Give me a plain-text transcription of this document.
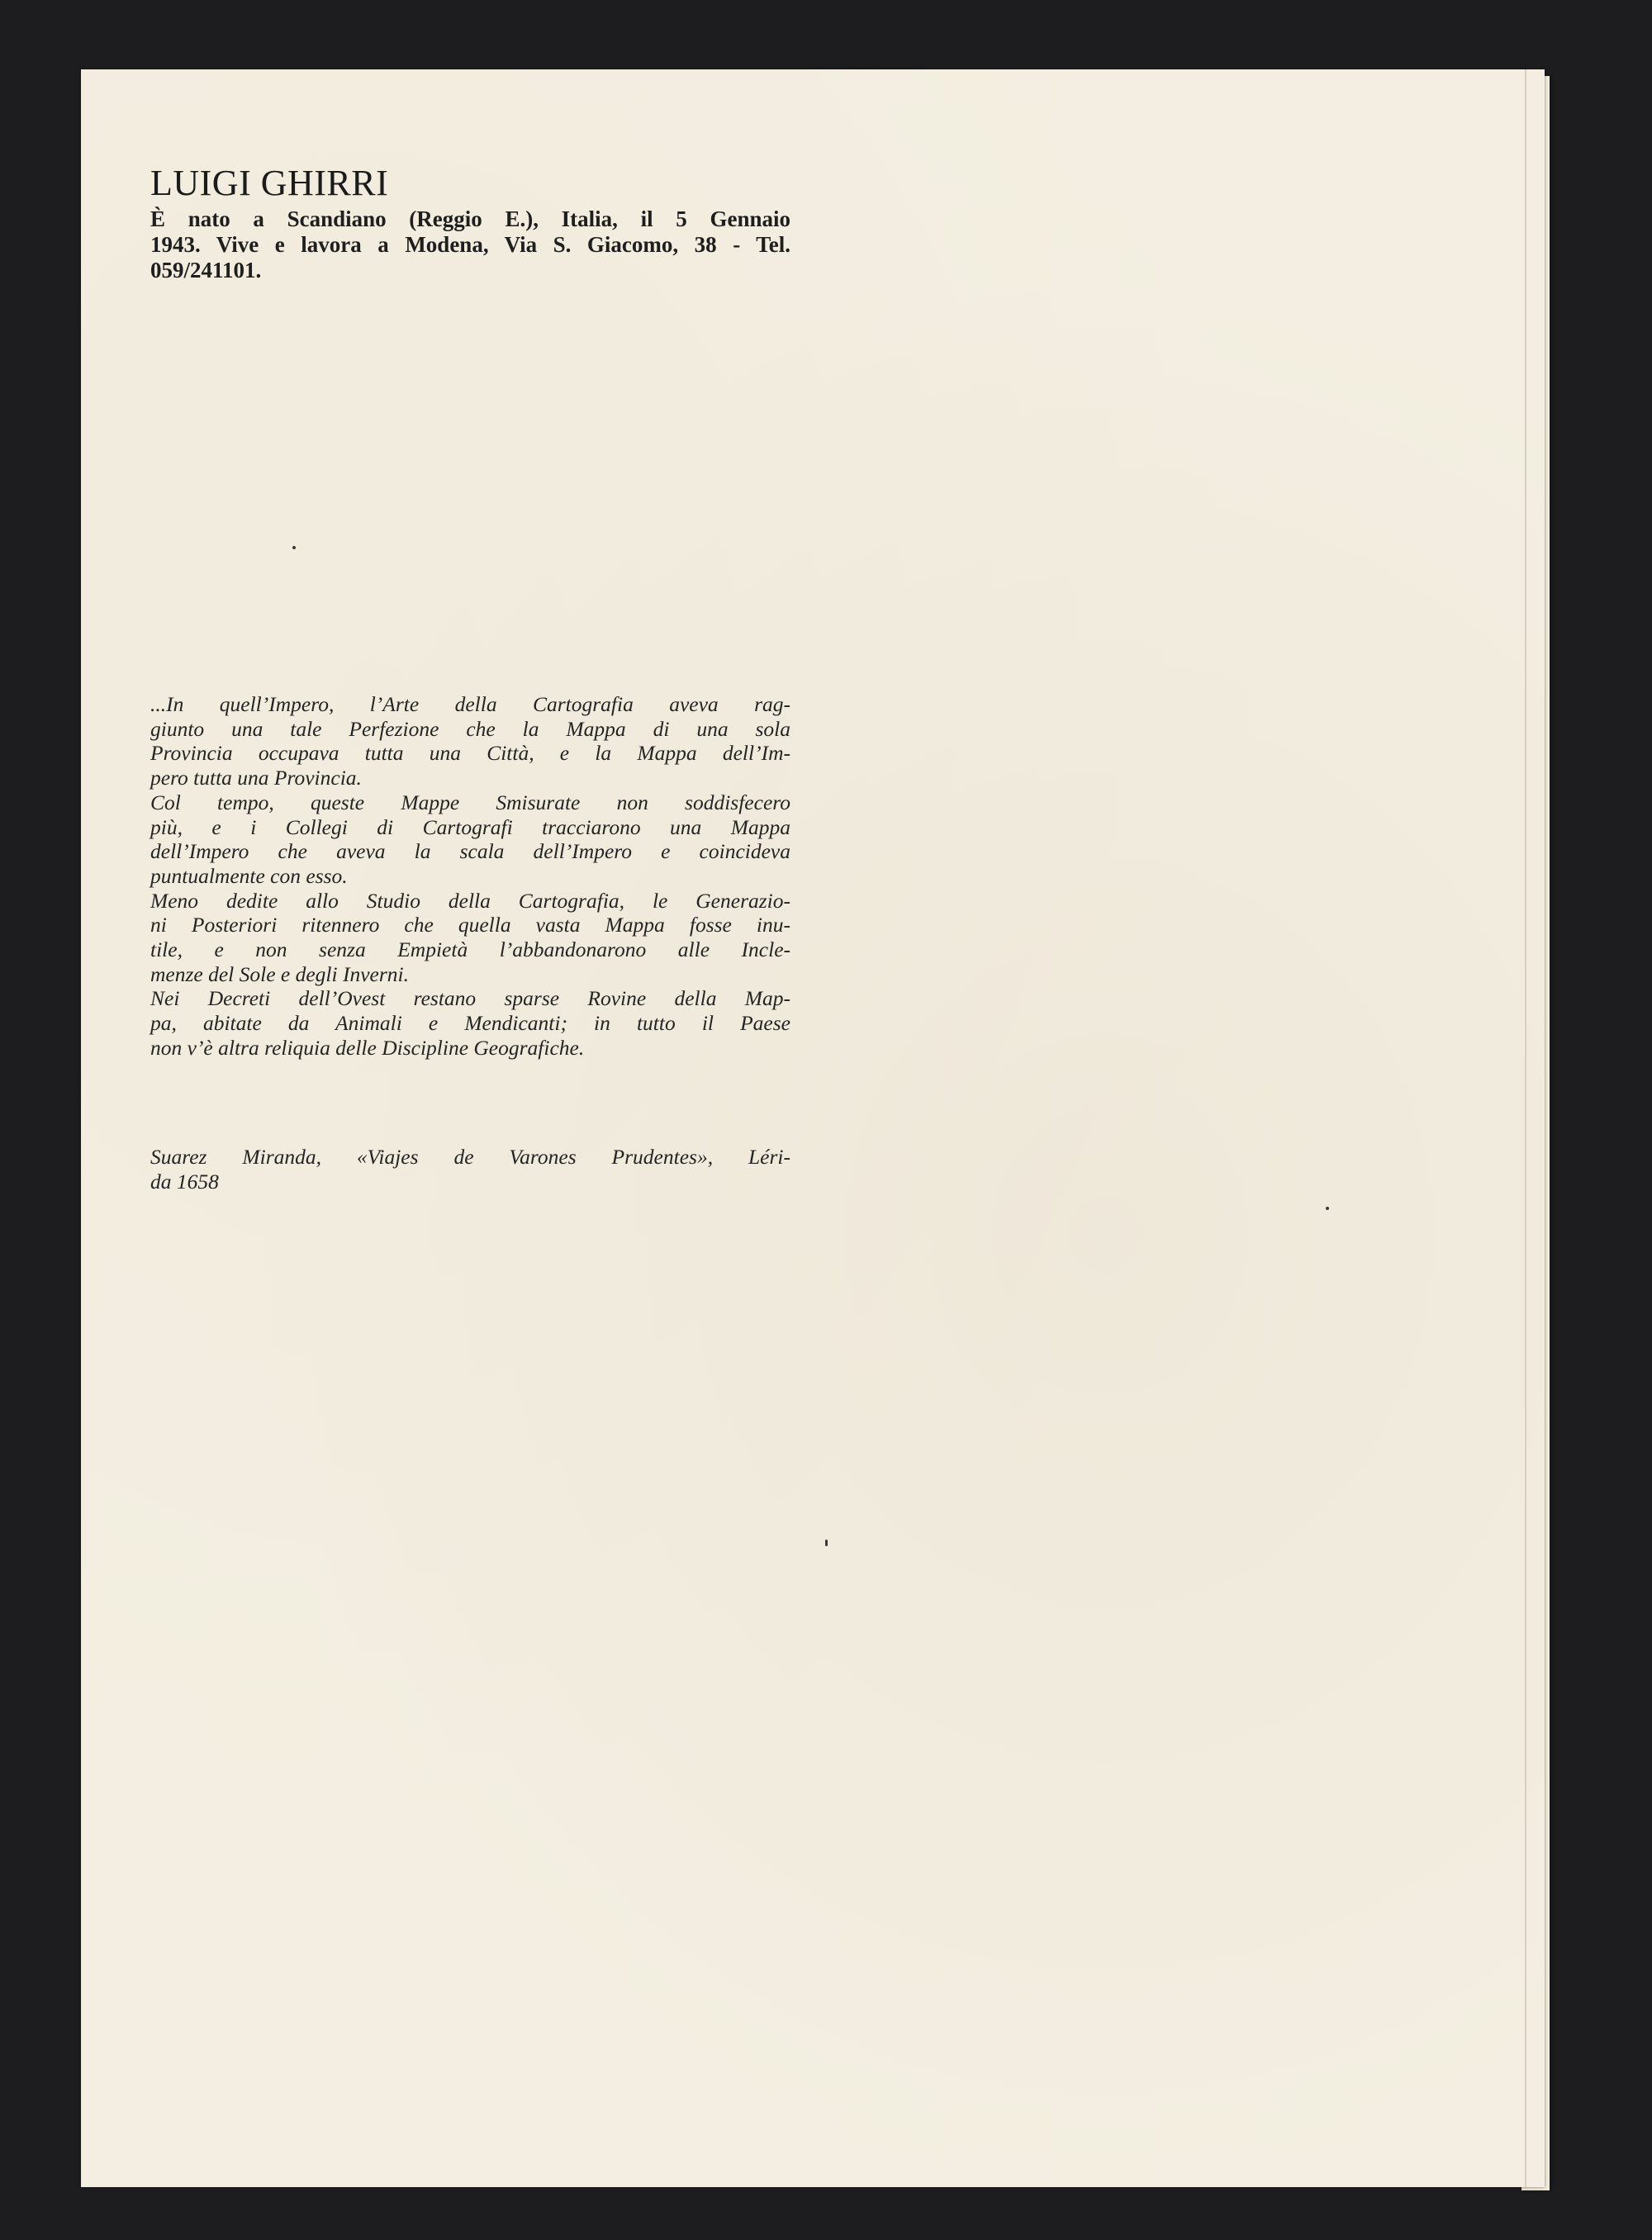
LUIGI GHIRRI
È nato a Scandiano (Reggio E.), Italia, il 5 Gennaio
1943. Vive e lavora a Modena, Via S. Giacomo, 38 - Tel.
059/241101.
...In quell’Impero, l’Arte della Cartografia aveva rag-
giunto una tale Perfezione che la Mappa di una sola
Provincia occupava tutta una Città, e la Mappa dell’Im-
pero tutta una Provincia.
Col tempo, queste Mappe Smisurate non soddisfecero
più, e i Collegi di Cartografi tracciarono una Mappa
dell’Impero che aveva la scala dell’Impero e coincideva
puntualmente con esso.
Meno dedite allo Studio della Cartografia, le Generazio-
ni Posteriori ritennero che quella vasta Mappa fosse inu-
tile, e non senza Empietà l’abbandonarono alle Incle-
menze del Sole e degli Inverni.
Nei Decreti dell’Ovest restano sparse Rovine della Map-
pa, abitate da Animali e Mendicanti; in tutto il Paese
non v’è altra reliquia delle Discipline Geografiche.
Suarez Miranda, «Viajes de Varones Prudentes», Léri-
da 1658
